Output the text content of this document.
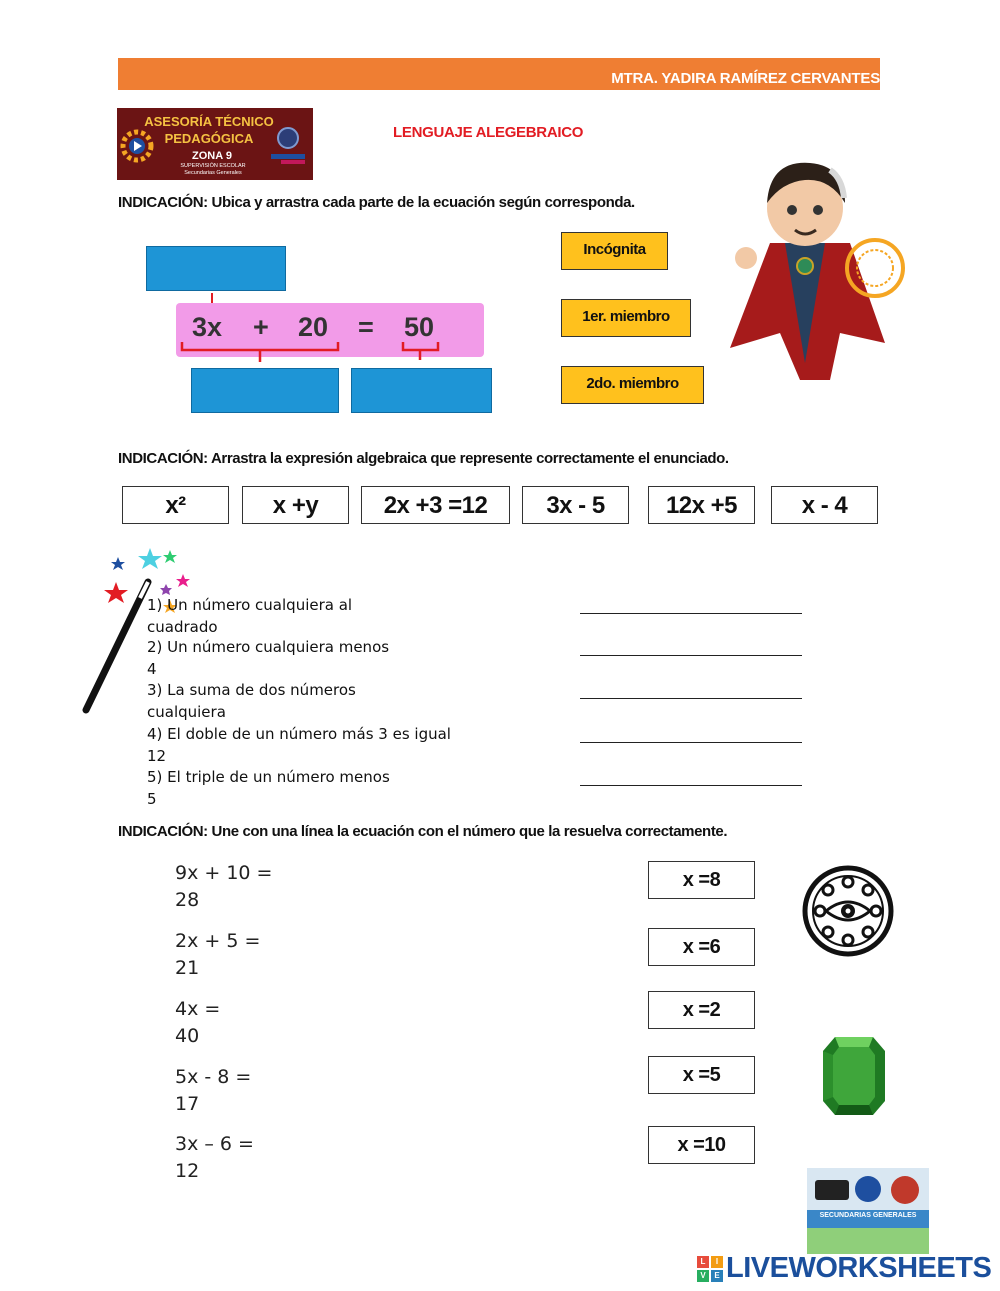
MTRA. YADIRA RAMÍREZ CERVANTES
ASESORÍA TÉCNICO
PEDAGÓGICA
ZONA 9
SUPERVISIÓN ESCOLAR
Secundarias Generales
LENGUAJE ALEGEBRAICO
INDICACIÓN: Ubica y arrastra cada parte de la ecuación según corresponda.
3x + 20 = 50
Incógnita
1er. miembro
2do. miembro
INDICACIÓN: Arrastra la expresión algebraica que represente correctamente el enunciado.
x²	x +y	2x +3 =12	3x - 5	12x +5	x - 4
1) Un número cualquiera al
cuadrado
2) Un número cualquiera menos
4
3) La suma de dos números
cualquiera
4) El doble de un número más 3 es igual
12
5) El triple de un número menos
5
INDICACIÓN: Une con una línea la ecuación con el número que la resuelva correctamente.
9x + 10 =
28
2x + 5 =
21
4x =
40
5x - 8 =
17
3x – 6 =
12
x =8
x =6
x =2
x =5
x =10
SECUNDARIAS GENERALES
L	I
V	E LIVEWORKSHEETS
